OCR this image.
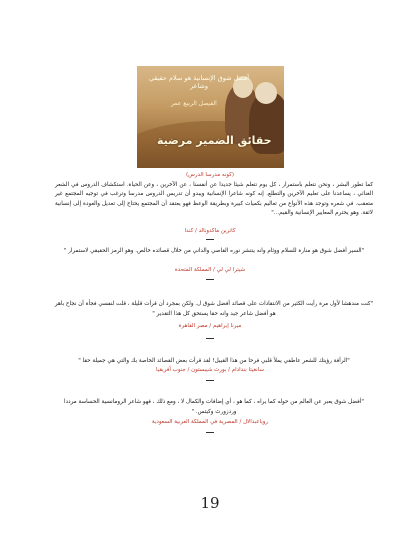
أفضل شوق الإنسانية هو سلام حقيقي وشاعر
الفيصل الربيع عمر
حقائق الضمير مرضية
(كونه مدرسا الدرس)
كما تطور البشر ، ونحن نتعلم باستمرار ، كل يوم نتعلم شيئا جديدا عن أنفسنا ، عن الآخرين ، وعن الحياة. استكشاف الدروس في الشعر الغنائي ، يساعدنا على تعليم الآخرين والتطلع. إنه كونه شاعرا الإنسانية ويبدو أن تدريس الدروس مدرسا وترغب في توجيه المجتمع غير متعقب. في شعره وتوجد هذه الأنواع من تعاليم بكميات كبيرة وبطريقة الوعظ فهو يعتقد أن المجتمع يحتاج إلى تعديل والعودة إلى إنسانية لائقة. وهو يحترم المعايير الإنسانية والقيم..."
كاترين ماكدونالد / كندا
"السير أفضل شوق هو منارة للسلام ووئام وانه ينتشر نوره القاصي والداني من خلال قصائده خالص. وهو الرمز الحقيقي لاستمرار "
شيترا لي لي / المملكة المتحدة
"كنت مندهشا لأول مرة رأيت الكثير من الانتقادات على قصائد أفضل شوق ل. ولكن بمجرد أن قرأت قليلة ، قلت لنفسي فجأة أن نجاح باهر هو أفضل شاعر جيد وانه حقا يستحق كل هذا التقدير "
ميرنا إبراهيم / مصر القاهرة
"الرأفة رؤيتك للشعر عاطفي يملأ قلبي فرحا من هذا القبيل! لقد قرأت بعض القصائد الخاصة بك والتي هي جميلة حقا "
سانغيتا بندادام / بورت شيبستون / جنوب أفريقيا
"أفضل شوق يعبر عن العالم من حوله كما يراه ، كما هو ، أي إضافات والكمال لا ، ومع ذلك ، فهو شاعر الرومانسية الحساسة مرددا وردزورث وكيتس. "
روياعبدالال / المصرية في المملكة العربية السعودية
19
